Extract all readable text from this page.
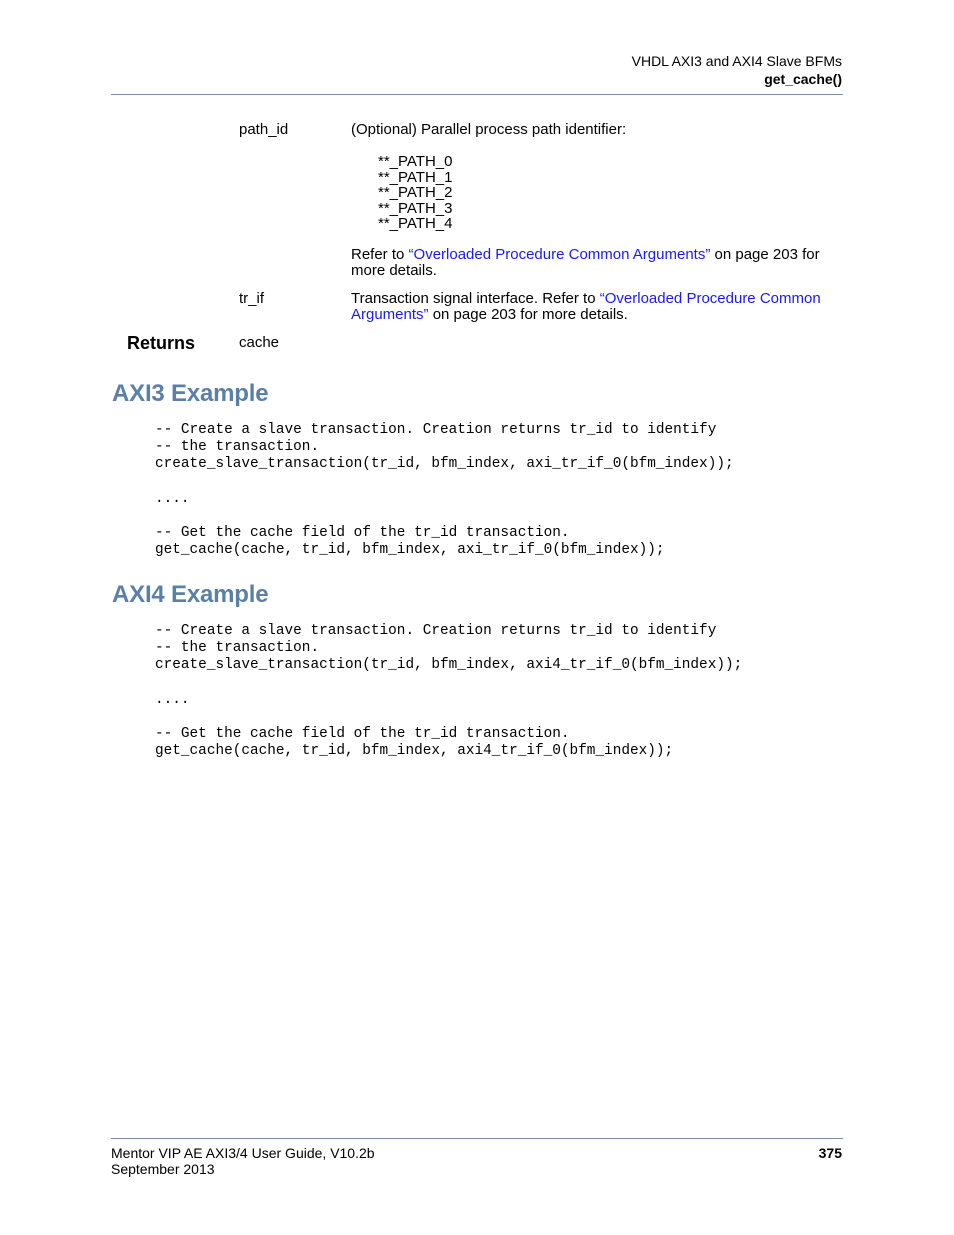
VHDL AXI3 and AXI4 Slave BFMs
get_cache()
path_id	(Optional) Parallel process path identifier:
**_PATH_0
**_PATH_1
**_PATH_2
**_PATH_3
**_PATH_4
Refer to “Overloaded Procedure Common Arguments” on page 203 for
more details.
tr_if	Transaction signal interface. Refer to “Overloaded Procedure Common
Arguments” on page 203 for more details.
Returns	cache
AXI3 Example
-- Create a slave transaction. Creation returns tr_id to identify
-- the transaction.
create_slave_transaction(tr_id, bfm_index, axi_tr_if_0(bfm_index));
....
-- Get the cache field of the tr_id transaction.
get_cache(cache, tr_id, bfm_index, axi_tr_if_0(bfm_index));
AXI4 Example
-- Create a slave transaction. Creation returns tr_id to identify
-- the transaction.
create_slave_transaction(tr_id, bfm_index, axi4_tr_if_0(bfm_index));
....
-- Get the cache field of the tr_id transaction.
get_cache(cache, tr_id, bfm_index, axi4_tr_if_0(bfm_index));
Mentor VIP AE AXI3/4 User Guide, V10.2b
September 2013
375
